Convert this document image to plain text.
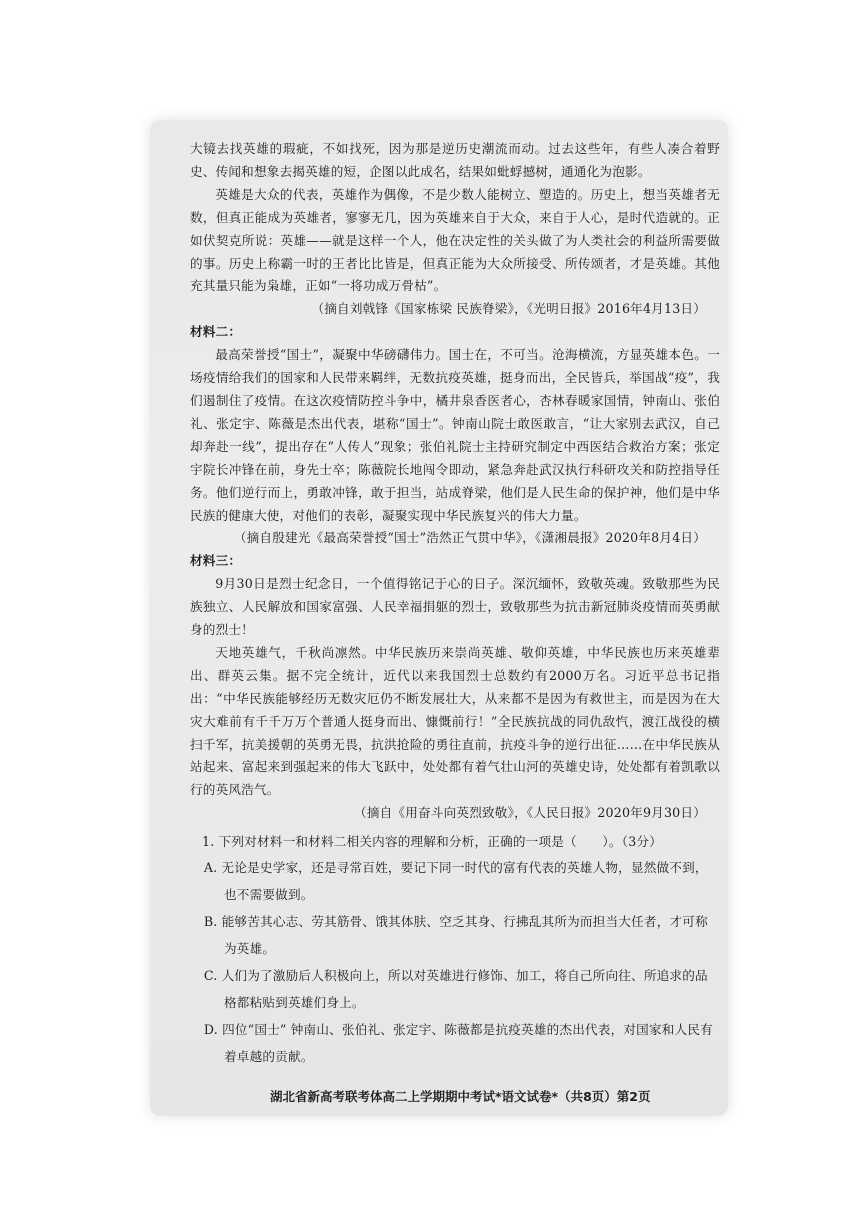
大镜去找英雄的瑕疵，不如找死，因为那是逆历史潮流而动。过去这些年，有些人凑合着野史、传闻和想象去揭英雄的短，企图以此成名，结果如蚍蜉撼树，通通化为泡影。

英雄是大众的代表，英雄作为偶像，不是少数人能树立、塑造的。历史上，想当英雄者无数，但真正能成为英雄者，寥寥无几，因为英雄来自于大众，来自于人心，是时代造就的。正如伏契克所说：英雄——就是这样一个人，他在决定性的关头做了为人类社会的利益所需要做的事。历史上称霸一时的王者比比皆是，但真正能为大众所接受、所传颂者，才是英雄。其他充其量只能为枭雄，正如“一将功成万骨枯”。

（摘自刘戟锋《国家栋梁 民族脊梁》，《光明日报》2016年4月13日）

材料二：

最高荣誉授“国士”，凝聚中华磅礴伟力。国士在，不可当。沧海横流，方显英雄本色。一场疫情给我们的国家和人民带来羁绊，无数抗疫英雄，挺身而出，全民皆兵，举国战“疫”，我们遏制住了疫情。在这次疫情防控斗争中，橘井泉香医者心，杏林春暖家国情，钟南山、张伯礼、张定宇、陈薇是杰出代表，堪称“国士”。钟南山院士敢医敢言，“让大家别去武汉，自己却奔赴一线”，提出存在“人传人”现象；张伯礼院士主持研究制定中西医结合救治方案；张定宇院长冲锋在前，身先士卒；陈薇院长地闯令即动，紧急奔赴武汉执行科研攻关和防控指导任务。他们逆行而上，勇敢冲锋，敢于担当，站成脊梁，他们是人民生命的保护神，他们是中华民族的健康大使，对他们的表彰，凝聚实现中华民族复兴的伟大力量。

（摘自殷建光《最高荣誉授“国士”浩然正气贯中华》，《潇湘晨报》2020年8月4日）

材料三：

9月30日是烈士纪念日，一个值得铭记于心的日子。深沉缅怀，致敬英魂。致敬那些为民族独立、人民解放和国家富强、人民幸福捐躯的烈士，致敬那些为抗击新冠肺炎疫情而英勇献身的烈士！

天地英雄气，千秋尚凛然。中华民族历来崇尚英雄、敬仰英雄，中华民族也历来英雄辈出、群英云集。据不完全统计，近代以来我国烈士总数约有2000万名。习近平总书记指出：“中华民族能够经历无数灾厄仍不断发展壮大，从来都不是因为有救世主，而是因为在大灾大难前有千千万万个普通人挺身而出、慷慨前行！”全民族抗战的同仇敌忾，渡江战役的横扫千军，抗美援朝的英勇无畏，抗洪抢险的勇往直前，抗疫斗争的逆行出征……在中华民族从站起来、富起来到强起来的伟大飞跃中，处处都有着气壮山河的英雄史诗，处处都有着凯歌以行的英风浩气。

（摘自《用奋斗向英烈致敬》，《人民日报》2020年9月30日）

1. 下列对材料一和材料二相关内容的理解和分析，正确的一项是（　　）。（3分）

A. 无论是史学家，还是寻常百姓，要记下同一时代的富有代表的英雄人物，显然做不到，也不需要做到。

B. 能够苦其心志、劳其筋骨、饿其体肤、空乏其身、行拂乱其所为而担当大任者，才可称为英雄。

C. 人们为了激励后人积极向上，所以对英雄进行修饰、加工，将自己所向往、所追求的品格都粘贴到英雄们身上。

D. 四位“国士” 钟南山、张伯礼、张定宇、陈薇都是抗疫英雄的杰出代表，对国家和人民有着卓越的贡献。

湖北省新高考联考体高二上学期期中考试*语文试卷*（共8页）第2页
